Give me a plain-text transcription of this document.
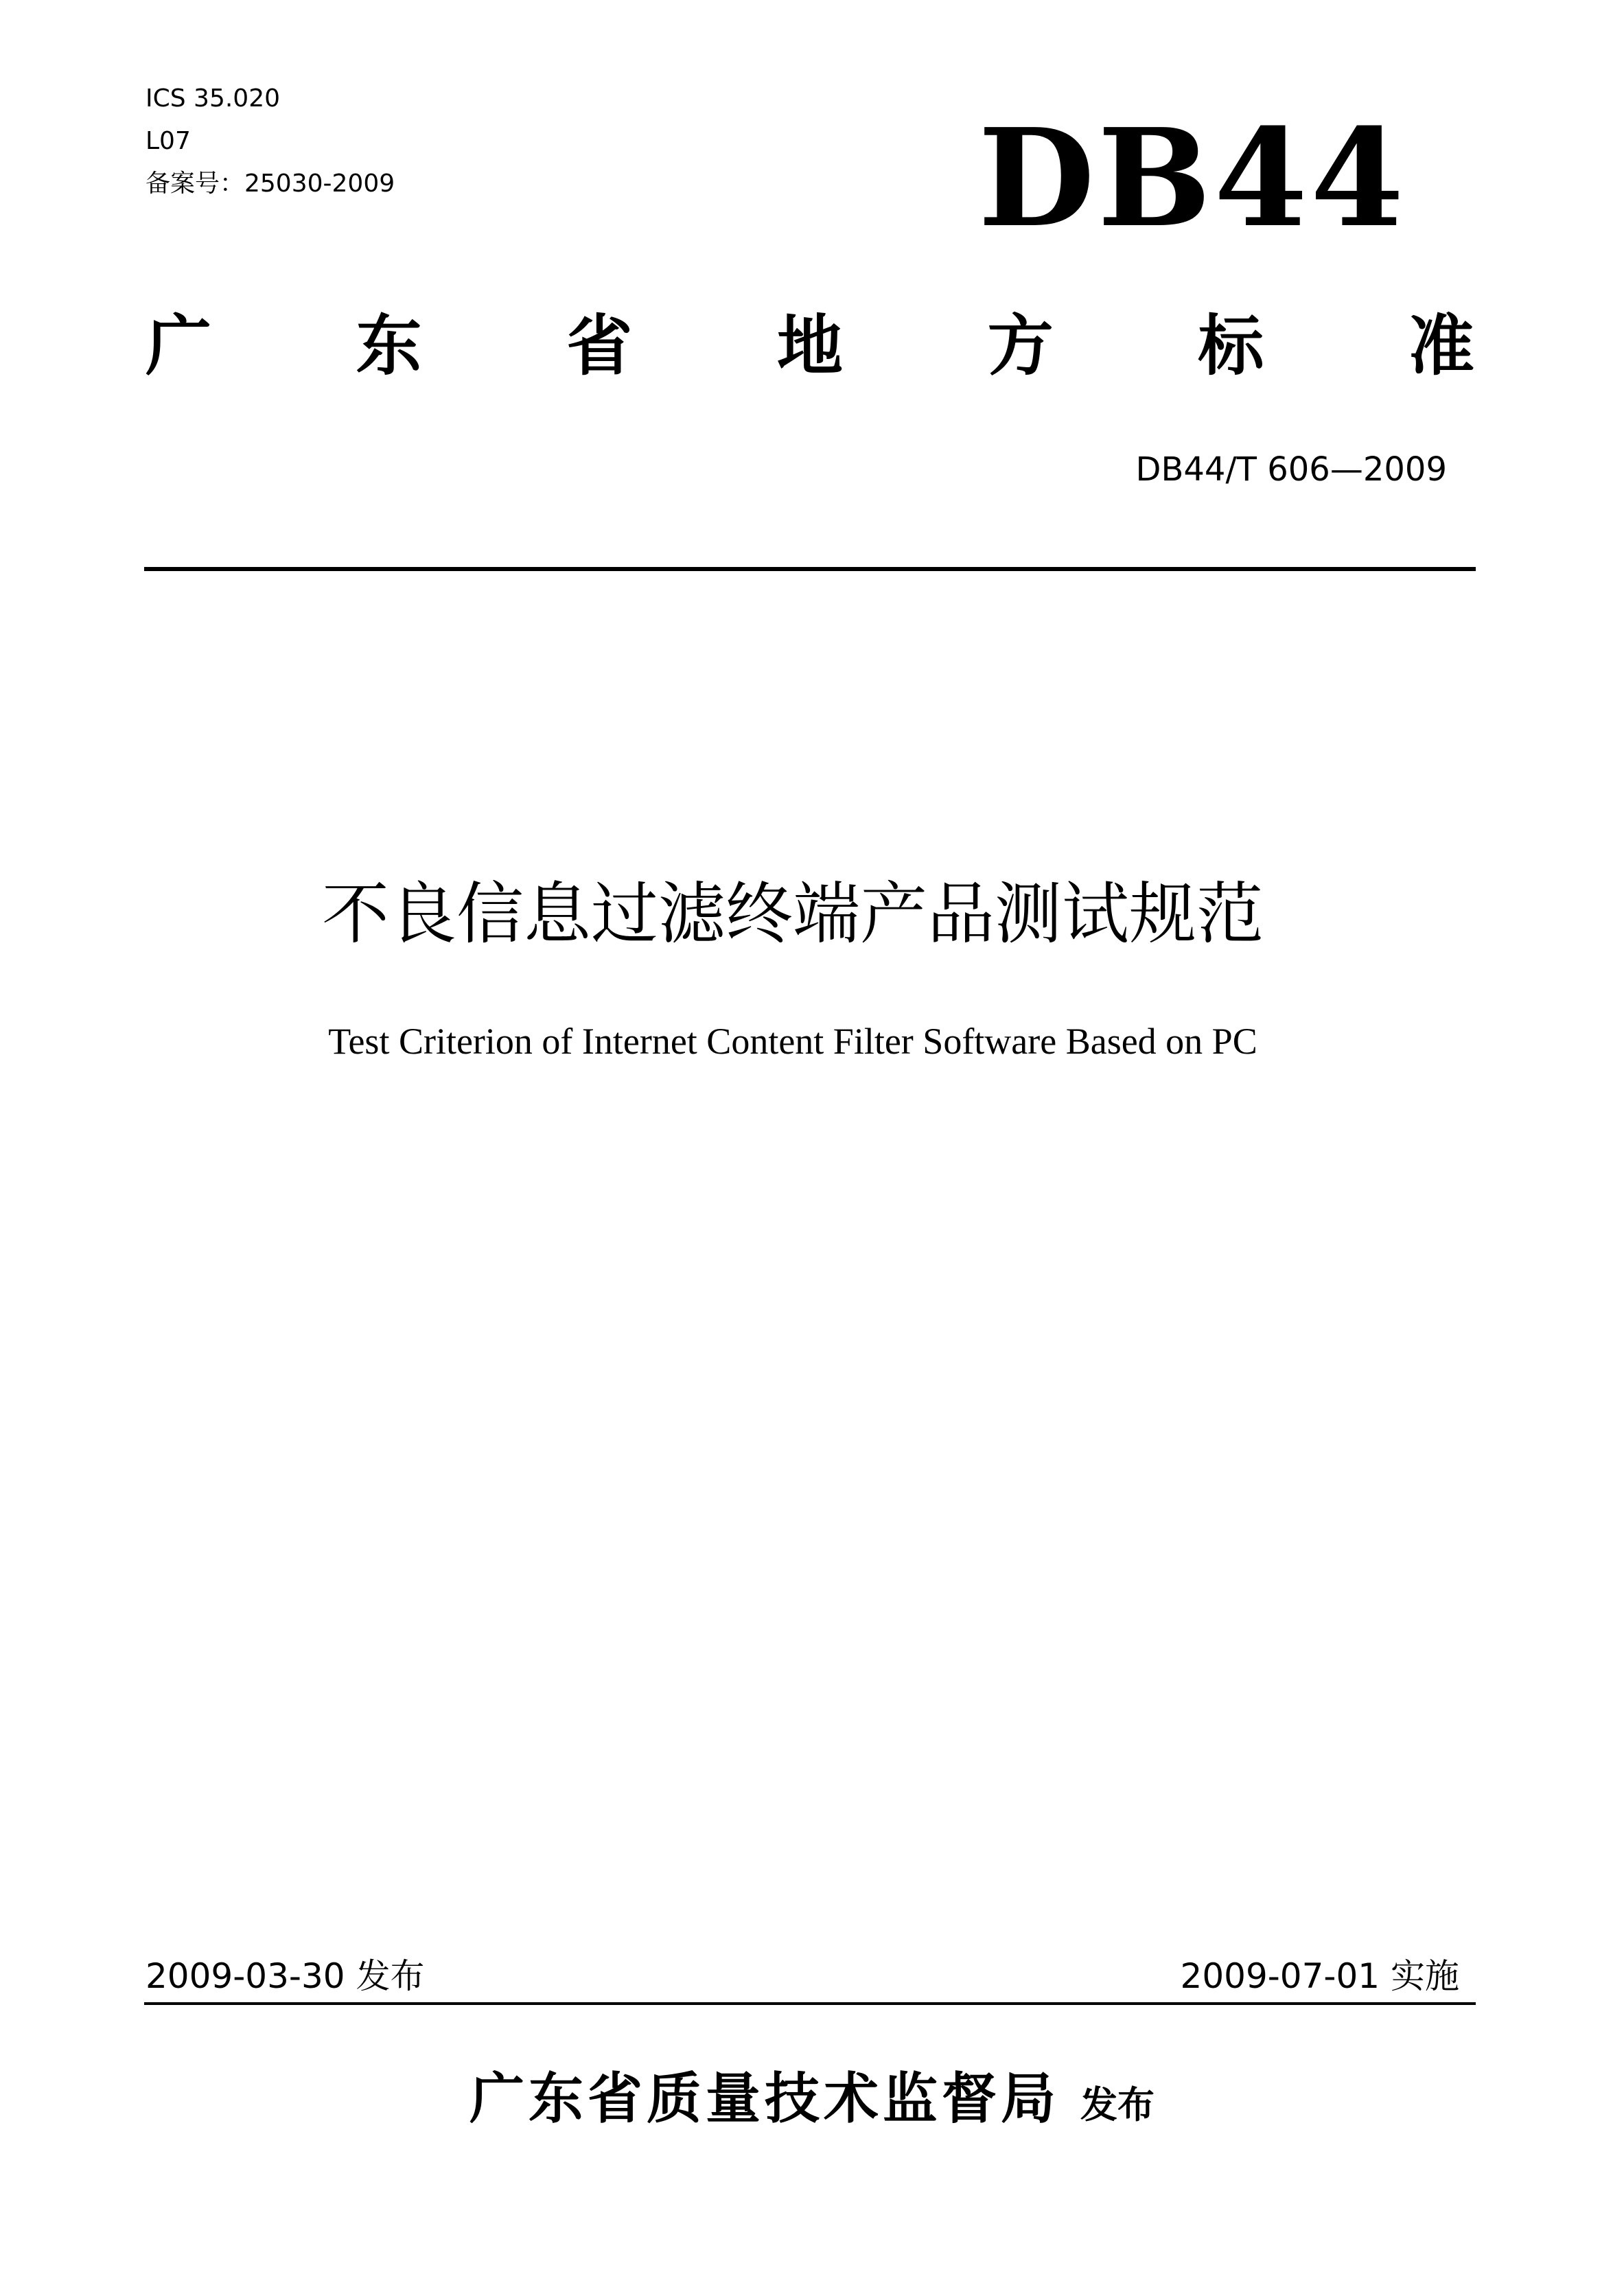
ICS 35.020
L07
备案号：25030-2009	DB44
广 东 省 地 方 标 准
DB44/T 606—2009
不良信息过滤终端产品测试规范
Test Criterion of Internet Content Filter Software Based on PC
2009-03-30 发布	2009-07-01 实施
广东省质量技术监督局 发布
